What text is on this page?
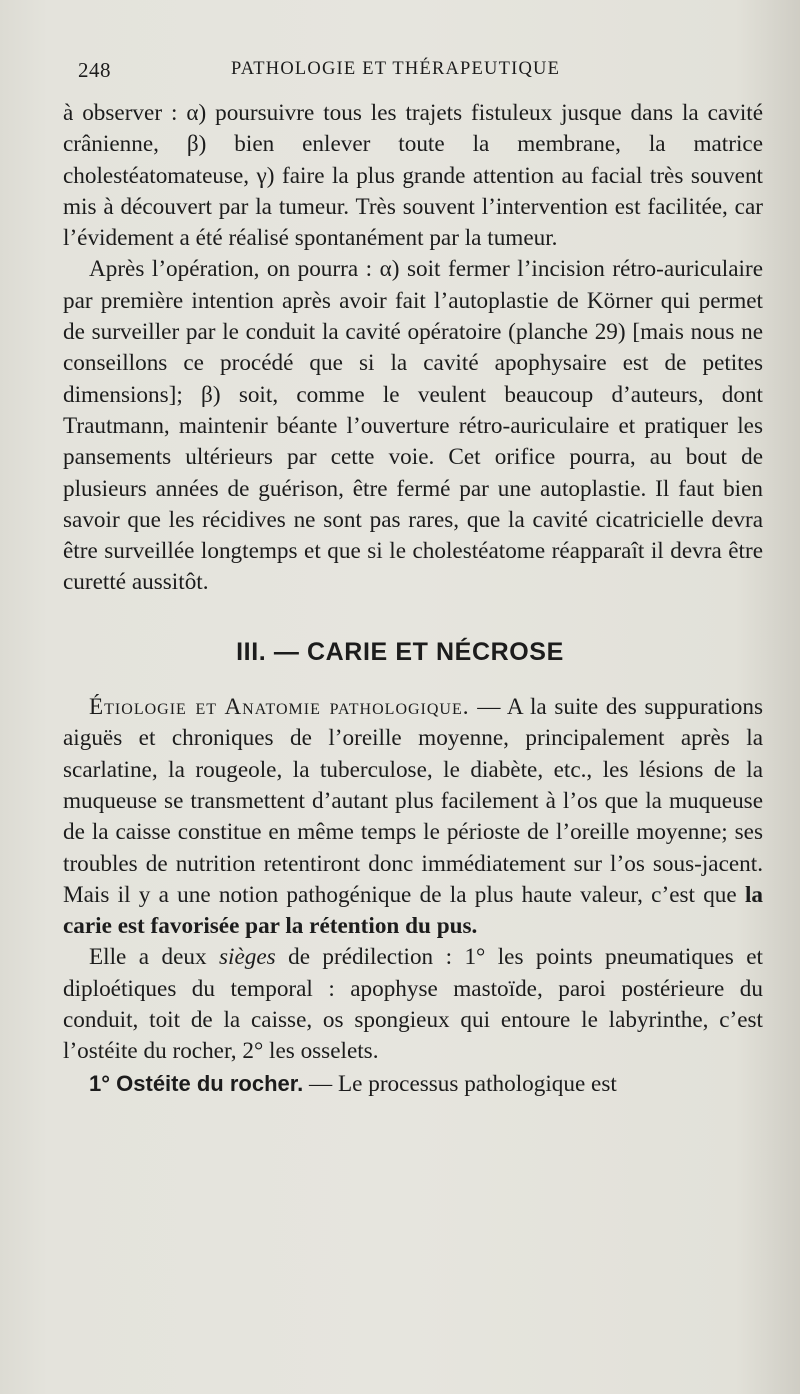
248	PATHOLOGIE ET THÉRAPEUTIQUE

à observer : α) poursuivre tous les trajets fistuleux jusque dans la cavité crânienne, β) bien enlever toute la membrane, la matrice cholestéatomateuse, γ) faire la plus grande attention au facial très souvent mis à découvert par la tumeur. Très souvent l’intervention est facilitée, car l’évidement a été réalisé spontanément par la tumeur.

Après l’opération, on pourra : α) soit fermer l’incision rétro-auriculaire par première intention après avoir fait l’autoplastie de Körner qui permet de surveiller par le conduit la cavité opératoire (planche 29) [mais nous ne conseillons ce procédé que si la cavité apophysaire est de petites dimensions]; β) soit, comme le veulent beaucoup d’auteurs, dont Trautmann, maintenir béante l’ouverture rétro-auriculaire et pratiquer les pansements ultérieurs par cette voie. Cet orifice pourra, au bout de plusieurs années de guérison, être fermé par une autoplastie. Il faut bien savoir que les récidives ne sont pas rares, que la cavité cicatricielle devra être surveillée longtemps et que si le cholestéatome réapparaît il devra être curetté aussitôt.

III. — CARIE ET NÉCROSE

Étiologie et Anatomie pathologique. — A la suite des suppurations aiguës et chroniques de l’oreille moyenne, principalement après la scarlatine, la rougeole, la tuberculose, le diabète, etc., les lésions de la muqueuse se transmettent d’autant plus facilement à l’os que la muqueuse de la caisse constitue en même temps le périoste de l’oreille moyenne; ses troubles de nutrition retentiront donc immédiatement sur l’os sous-jacent. Mais il y a une notion pathogénique de la plus haute valeur, c’est que la carie est favorisée par la rétention du pus.

Elle a deux sièges de prédilection : 1° les points pneumatiques et diploétiques du temporal : apophyse mastoïde, paroi postérieure du conduit, toit de la caisse, os spongieux qui entoure le labyrinthe, c’est l’ostéite du rocher, 2° les osselets.

1° Ostéite du rocher. — Le processus pathologique est
